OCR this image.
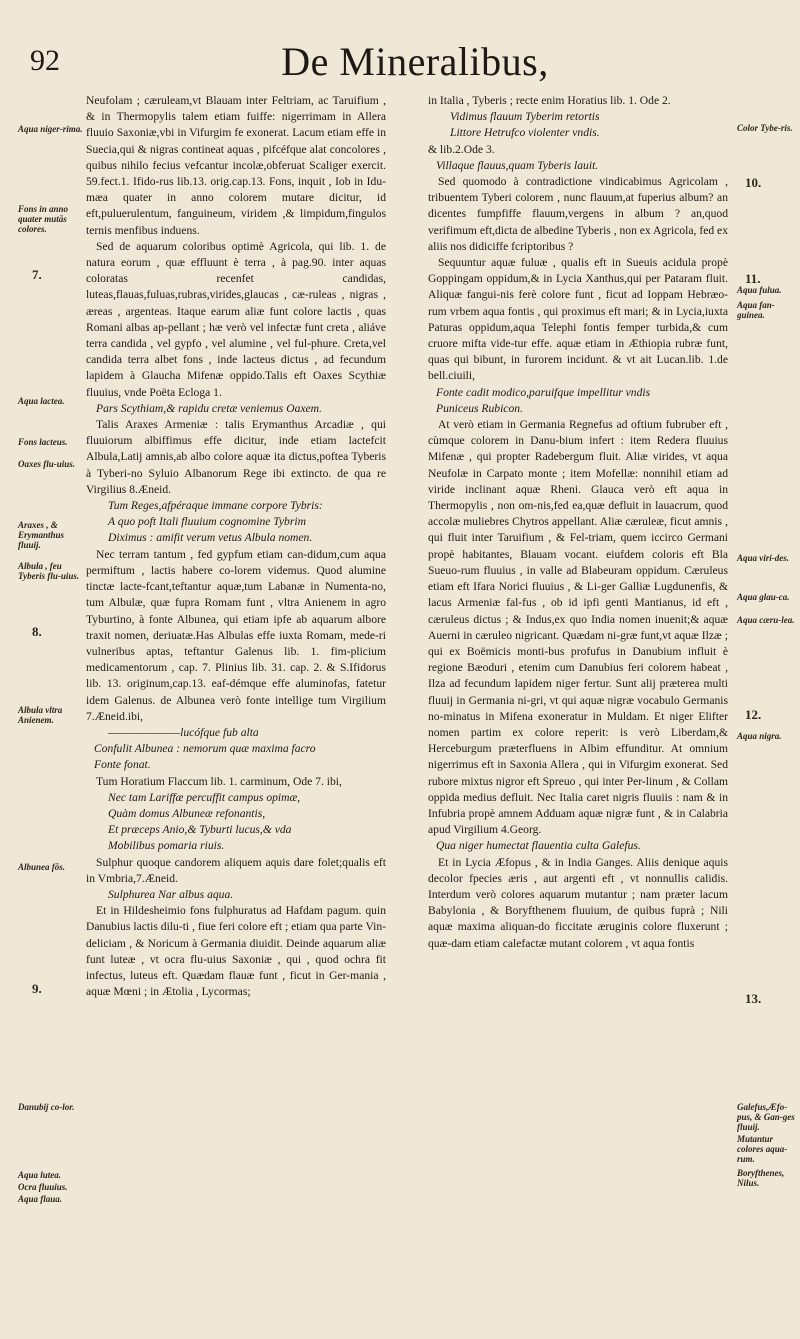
92	De Mineralibus,

Neufolam ; cæruleam,vt Blauam inter Feltriam, ac Taruifium , & in Thermopylis talem etiam fuiffe: nigerrimam in Allera fluuio Saxoniæ,vbi in Vifurgim fe exonerat. Lacum etiam effe in Suecia,qui & nigras contineat aquas , pifcéfque alat concolores , quibus nihilo fecius vefcantur incolæ,obferuat Scaliger exercit. 59.fect.1. Ifido-rus lib.13. orig.cap.13. Fons, inquit , Iob in Idu-mæa quater in anno colorem mutare dicitur, id eft,puluerulentum, fanguineum, viridem ,& limpidum,fingulos ternis menfibus induens.

Sed de aquarum coloribus optimè Agricola, qui lib. 1. de natura eorum , quæ effluunt è terra , à pag.90. inter aquas coloratas recenfet candidas, luteas,flauas,fuluas,rubras,virides,glaucas , cæ-ruleas , nigras , æreas , argenteas. Itaque earum aliæ funt colore lactis , quas Romani albas ap-pellant ; hæ verò vel infectæ funt creta , aliáve terra candida , vel gypfo , vel alumine , vel ful-phure. Creta,vel candida terra albet fons , inde lacteus dictus , ad fecundum lapidem à Glaucha Mifenæ oppido.Talis eft Oaxes Scythiæ fluuius, vnde Poëta Ecloga 1.

Pars Scythiam,& rapidu cretæ veniemus Oaxem.

Talis Araxes Armeniæ : talis Erymanthus Arcadiæ , qui fluuiorum albiffimus effe dicitur, inde etiam lactefcit Albula,Latij amnis,ab albo colore aquæ ita dictus,poftea Tyberis à Tyberi-no Syluio Albanorum Rege ibi extincto. de qua re Virgilius 8.Æneid.

Tum Reges,afpéraque immane corpore Tybris:

A quo poft Itali fluuium cognomine Tybrim

Diximus : amifit verum vetus Albula nomen.

Nec terram tantum , fed gypfum etiam can-didum,cum aqua permiftum , lactis habere co-lorem videmus. Quod alumine tinctæ lacte-fcant,teftantur aquæ,tum Labanæ in Numenta-no, tum Albulæ, quæ fupra Romam funt , vltra Anienem in agro Tyburtino, à fonte Albunea, qui etiam ipfe ab aquarum albore traxit nomen, deriuatæ.Has Albulas effe iuxta Romam, mede-ri vulneribus aptas, teftantur Galenus lib. 1. fim-plicium medicamentorum , cap. 7. Plinius lib. 31. cap. 2. & S.Ifidorus lib. 13. originum,cap.13. eaf-démque effe aluminofas, fatetur idem Galenus. de Albunea verò fonte intellige tum Virgilium 7.Æneid.ibi,

———————lucófque fub alta

Confulit Albunea : nemorum quæ maxima facro

Fonte fonat.

Tum Horatium Flaccum lib. 1. carminum, Ode 7. ibi,

Nec tam Lariffæ percuffit campus opimæ,

Quàm domus Albuneæ refonantis,

Et præceps Anio,& Tyburti lucus,& vda

Mobilibus pomaria riuis.

Sulphur quoque candorem aliquem aquis dare folet;qualis eft in Vmbria,7.Æneid.

Sulphurea Nar albus aqua.

Et in Hildesheimio fons fulphuratus ad Hafdam pagum. quin Danubius lactis dilu-ti , fiue feri colore eft ; etiam qua parte Vin-deliciam , & Noricum à Germania diuidit. Deinde aquarum aliæ funt luteæ , vt ocra flu-uius Saxoniæ , qui , quod ochra fit infectus, luteus eft. Quædam flauæ funt , ficut in Ger-mania , aquæ Mœni ; in Ætolia , Lycormas;

in Italia , Tyberis ; recte enim Horatius lib. 1. Ode 2.

Vidimus flauum Tyberim retortis

Littore Hetrufco violenter vndis.

& lib.2.Ode 3.

Villaque flauus,quam Tyberis lauit.

Sed quomodo à contradictione vindicabimus Agricolam , tribuentem Tyberi colorem , nunc flauum,at fuperius album? an dicentes fumpfiffe flauum,vergens in album ? an,quod verifimum eft,dicta de albedine Tyberis , non ex Agricola, fed ex aliis nos didiciffe fcriptoribus ?

Sequuntur aquæ fuluæ , qualis eft in Sueuis acidula propè Goppingam oppidum,& in Lycia Xanthus,qui per Pataram fluit. Aliquæ fangui-nis ferè colore funt , ficut ad Ioppam Hebræo-rum vrbem aqua fontis , qui proximus eft mari; & in Lycia,iuxta Paturas oppidum,aqua Telephi fontis femper turbida,& cum cruore mifta vide-tur effe. aquæ etiam in Æthiopia rubræ funt, quas qui bibunt, in furorem incidunt. & vt ait Lucan.lib. 1.de bell.ciuili,

Fonte cadit modico,paruifque impellitur vndis

Puniceus Rubicon.

At verò etiam in Germania Regnefus ad oftium fubruber eft , cùmque colorem in Danu-bium infert : item Redera fluuius Mifenæ , qui propter Radebergum fluit. Aliæ virides, vt aqua Neufolæ in Carpato monte ; item Mofellæ: nonnihil etiam ad viride inclinant aquæ Rheni. Glauca verò eft aqua in Thermopylis , non om-nis,fed ea,quæ defluit in lauacrum, quod accolæ muliebres Chytros appellant. Aliæ cæruleæ, ficut amnis , qui fluit inter Taruifium , & Fel-triam, quem iccirco Germani propè habitantes, Blauam vocant. eiufdem coloris eft Bla Sueuo-rum fluuius , in valle ad Blabeuram oppidum. Cæruleus etiam eft Ifara Norici fluuius , & Li-ger Galliæ Lugdunenfis, & lacus Armeniæ fal-fus , ob id ipfi genti Mantianus, id eft , cæruleus dictus ; & Indus,ex quo India nomen inuenit;& aquæ Auerni in cæruleo nigricant. Quædam ni-græ funt,vt aquæ Ilzæ ; qui ex Boëmicis monti-bus profufus in Danubium influit è regione Bæoduri , etenim cum Danubius feri colorem habeat , Ilza ad fecundum lapidem niger fertur. Sunt alij præterea multi fluuij in Germania ni-gri, vt qui aquæ nigræ vocabulo Germanis no-minatus in Mifena exoneratur in Muldam. Et niger Elifter nomen partim ex colore reperit: is verò Liberdam,& Herceburgum præterfluens in Albim effunditur. At omnium nigerrimus eft in Saxonia Allera , qui in Vifurgim exonerat. Sed rubore mixtus nigror eft Spreuo , qui inter Per-linum , & Collam oppida medius defluit. Nec Italia caret nigris fluuiis : nam & in Infubria propè amnem Adduam aquæ nigræ funt , & in Calabria apud Virgilium 4.Georg.

Qua niger humectat flauentia culta Galefus.

Et in Lycia Æfopus , & in India Ganges. Aliis denique aquis decolor fpecies æris , aut argenti eft , vt nonnullis calidis. Interdum verò colores aquarum mutantur ; nam præter lacum Babylonia , & Boryfthenem fluuium, de quibus fuprà ; Nili aquæ maxima aliquan-do ficcitate æruginis colore fluxerunt ; quæ-dam etiam calefactæ mutant colorem , vt aqua fontis

Aqua niger-rima.
Fons in anno quater mutās colores.
Aqua lactea.
Fons lacteus.
Oaxes flu-uius.
Araxes , & Erymanthus fluuij.
Albula , feu Tyberis flu-uius.
Albula vltra Anienem.
Albunea fōs.
Danubij co-lor.
Aqua lutea.
Ocra fluuius.
Aqua flaua.
Color Tybe-ris.
Aqua fulua.
Aqua fan-guinea.
Aqua viri-des.
Aqua glau-ca.
Aqua cæru-lea.
Aqua nigra.
Galefus,Æfo-pus, & Gan-ges fluuij.
Mutantur colores aqua-rum.
Boryfthenes, Nilus.
7.
8.
9.
10.
11.
12.
13.
